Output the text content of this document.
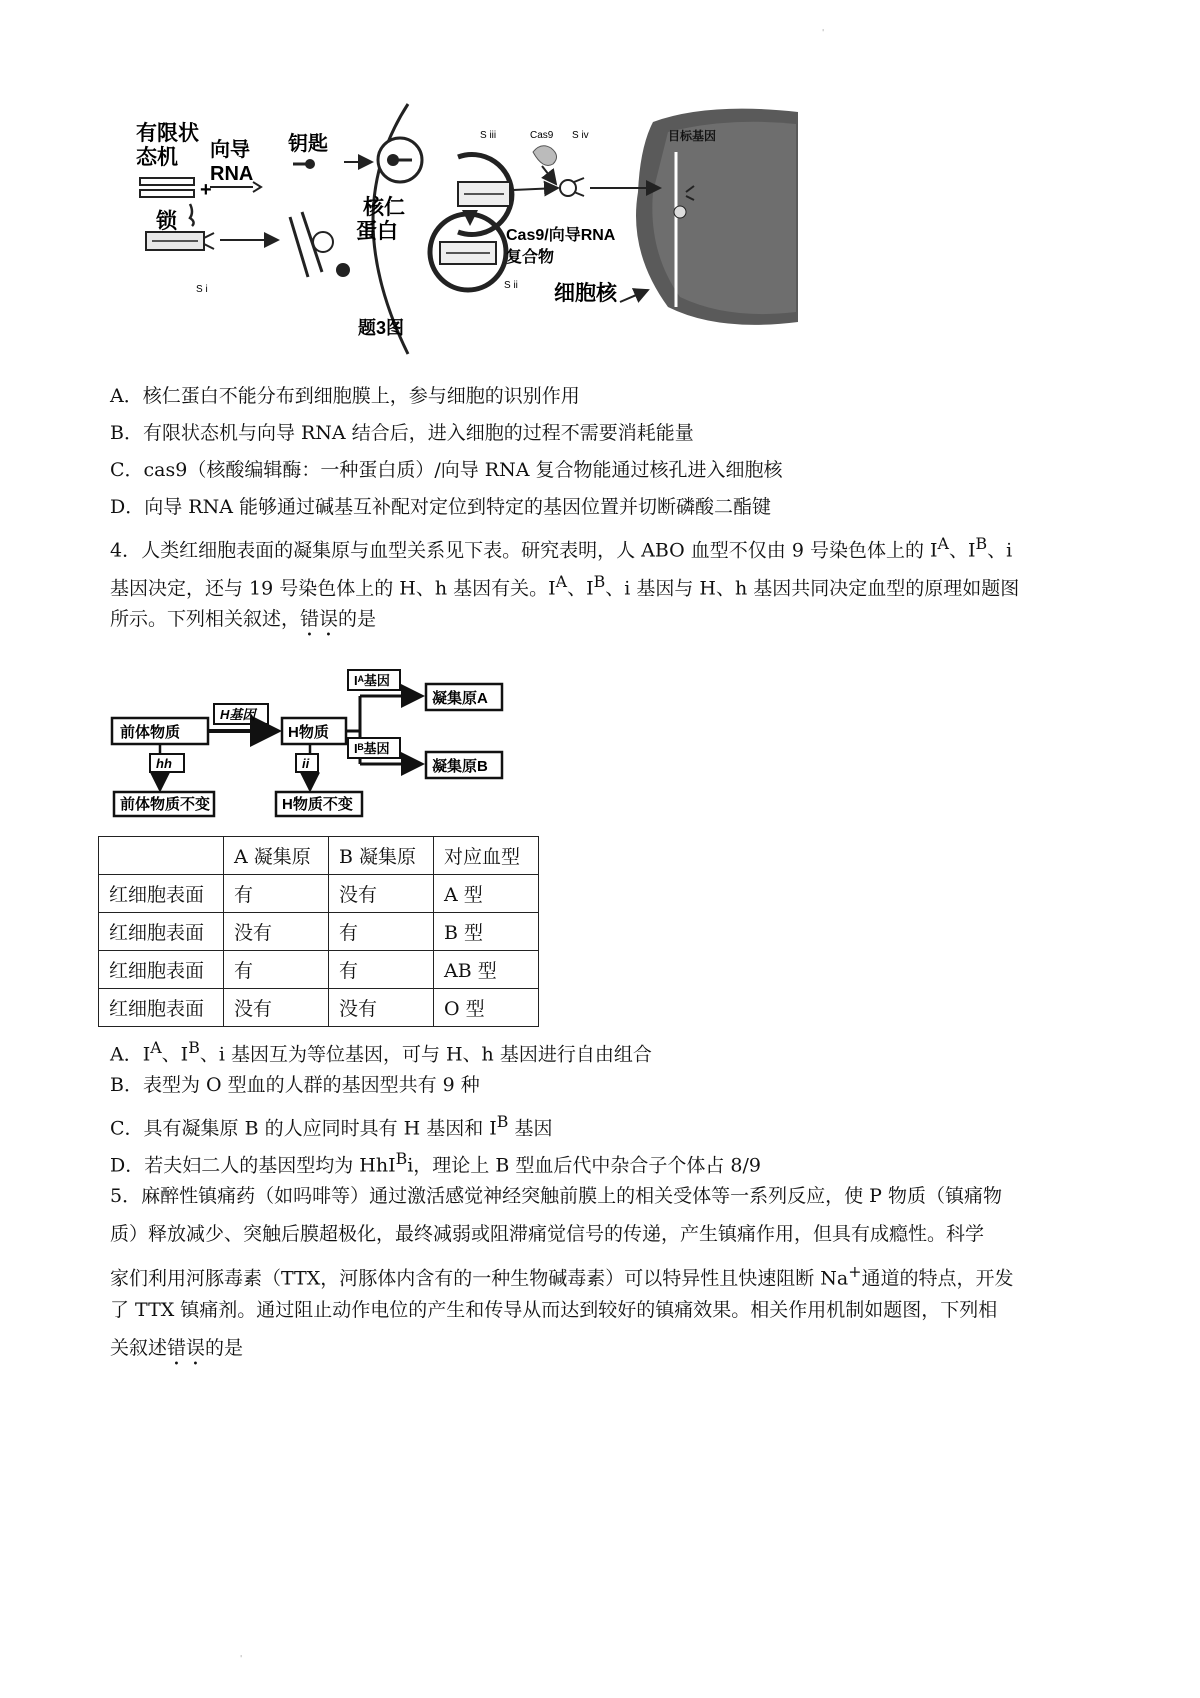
+
有限状态机	向导 RNA
锁
钥匙
核仁蛋白
S iii	Cas9 S iv	目标基因
Cas9/向导RNA 复合物
S i	S ii 细胞核
题3图
A．核仁蛋白不能分布到细胞膜上，参与细胞的识别作用
B．有限状态机与向导 RNA 结合后，进入细胞的过程不需要消耗能量
C．cas9（核酸编辑酶：一种蛋白质）/向导 RNA 复合物能通过核孔进入细胞核
D．向导 RNA 能够通过碱基互补配对定位到特定的基因位置并切断磷酸二酯键
4．人类红细胞表面的凝集原与血型关系见下表。研究表明，人 ABO 血型不仅由 9 号染色体上的 $I^A$、$I^B$、i
基因决定，还与 19 号染色体上的 H、h 基因有关。$I^A$、$I^B$、i 基因与 H、h 基因共同决定血型的原理如题图
所示。下列相关叙述，错误的是
前体物质
H基因
H物质
Iᴬ基因
Iᴮ基因
凝集原A
凝集原B
hh	ii
前体物质不变	H物质不变
	A 凝集原	B 凝集原	对应血型
红细胞表面	有	没有	A 型
红细胞表面	没有	有	B 型
红细胞表面	有	有	AB 型
红细胞表面	没有	没有	O 型
A．$I^A$、$I^B$、i 基因互为等位基因，可与 H、h 基因进行自由组合
B．表型为 O 型血的人群的基因型共有 9 种
C．具有凝集原 B 的人应同时具有 H 基因和 $I^B$ 基因
D．若夫妇二人的基因型均为 HhI$^B$i，理论上 B 型血后代中杂合子个体占 8/9
5．麻醉性镇痛药（如吗啡等）通过激活感觉神经突触前膜上的相关受体等一系列反应，使 P 物质（镇痛物
质）释放减少、突触后膜超极化，最终减弱或阻滞痛觉信号的传递，产生镇痛作用，但具有成瘾性。科学
家们利用河豚毒素（TTX，河豚体内含有的一种生物碱毒素）可以特异性且快速阻断 Na+通道的特点，开发
了 TTX 镇痛剂。通过阻止动作电位的产生和传导从而达到较好的镇痛效果。相关作用机制如题图，下列相
关叙述错误的是
'
'
